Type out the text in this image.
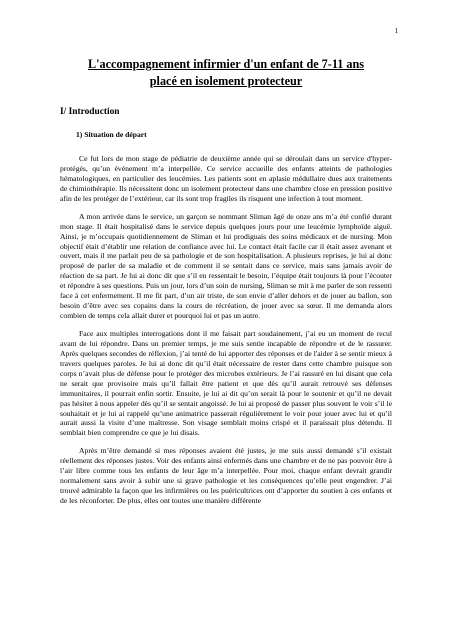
1
L'accompagnement infirmier d'un enfant de 7-11 ans
placé en isolement protecteur
I/ Introduction
1) Situation de départ

Ce fut lors de mon stage de pédiatrie de deuxième année qui se déroulait dans un service d'hyper-protégés, qu’un évènement m’a interpellée. Ce service accueille des enfants atteints de pathologies hématologiques, en particulier des leucémies. Les patients sont en aplasie médullaire dues aux traitements de chimiothérapie. Ils nécessitent donc un isolement protecteur dans une chambre close en pression positive afin de les protéger de l’extérieur, car ils sont trop fragiles ils risquent une infection à tout moment.

A mon arrivée dans le service, un garçon se nommant Sliman âgé de onze ans m’a été confié durant mon stage. Il était hospitalisé dans le service depuis quelques jours pour une leucémie lymphoïde aiguë. Ainsi, je m’occupais quotidiennement de Sliman et lui prodiguais des soins médicaux et de nursing. Mon objectif était d’établir une relation de confiance avec lui. Le contact était facile car il était assez avenant et ouvert, mais il me parlait peu de sa pathologie et de son hospitalisation. A plusieurs reprises, je lui ai donc proposé de parler de sa maladie et de comment il se sentait dans ce service, mais sans jamais avoir de réaction de sa part. Je lui ai donc dit que s’il en ressentait le besoin, l’équipe était toujours là pour l’écouter et répondre à ses questions. Puis un jour, lors d’un soin de nursing, Sliman se mit à me parler de son ressenti face à cet enfermement. Il me fit part, d’un air triste, de son envie d’aller dehors et de jouer au ballon, son besoin d’être avec ses copains dans la cours de récréation, de jouer avec sa sœur. Il me demanda alors combien de temps cela allait durer et pourquoi lui et pas un autre.

Face aux multiples interrogations dont il me faisait part soudainement, j’ai eu un moment de recul avant de lui répondre. Dans un premier temps, je me suis sentie incapable de répondre et de le rassurer. Après quelques secondes de réflexion, j’ai tenté de lui apporter des réponses et de l'aider à se sentir mieux à travers quelques paroles. Je lui ai donc dit qu’il était nécessaire de rester dans cette chambre puisque son corps n’avait plus de défense pour le protéger des microbes extérieurs. Je l’ai rassuré en lui disant que cela ne serait que provisoire mais qu’il fallait être patient et que dès qu’il aurait retrouvé ses défenses immunitaires, il pourrait enfin sortir. Ensuite, je lui ai dit qu’on serait là pour le soutenir et qu’il ne devait pas hésiter à nous appeler dès qu’il se sentait angoissé. Je lui ai proposé de passer plus souvent le voir s’il le souhaitait et je lui ai rappelé qu’une animatrice passerait régulièrement le voir pour jouer avec lui et qu’il aurait aussi la visite d’une maîtresse. Son visage semblait moins crispé et il paraissait plus détendu. Il semblait bien comprendre ce que je lui disais.

Après m’être demandé si mes réponses avaient été justes, je me suis aussi demandé s’il existait réellement des réponses justes. Voir des enfants ainsi enfermés dans une chambre et de ne pas pouvoir être à l’air libre comme tous les enfants de leur âge m’a interpellée. Pour moi, chaque enfant devrait grandir normalement sans avoir à subir une si grave pathologie et les conséquences qu’elle peut engendrer. J’ai trouvé admirable la façon que les infirmières ou les puéricultrices ont d’apporter du soutien à ces enfants et de les réconforter. De plus, elles ont toutes une manière différente
